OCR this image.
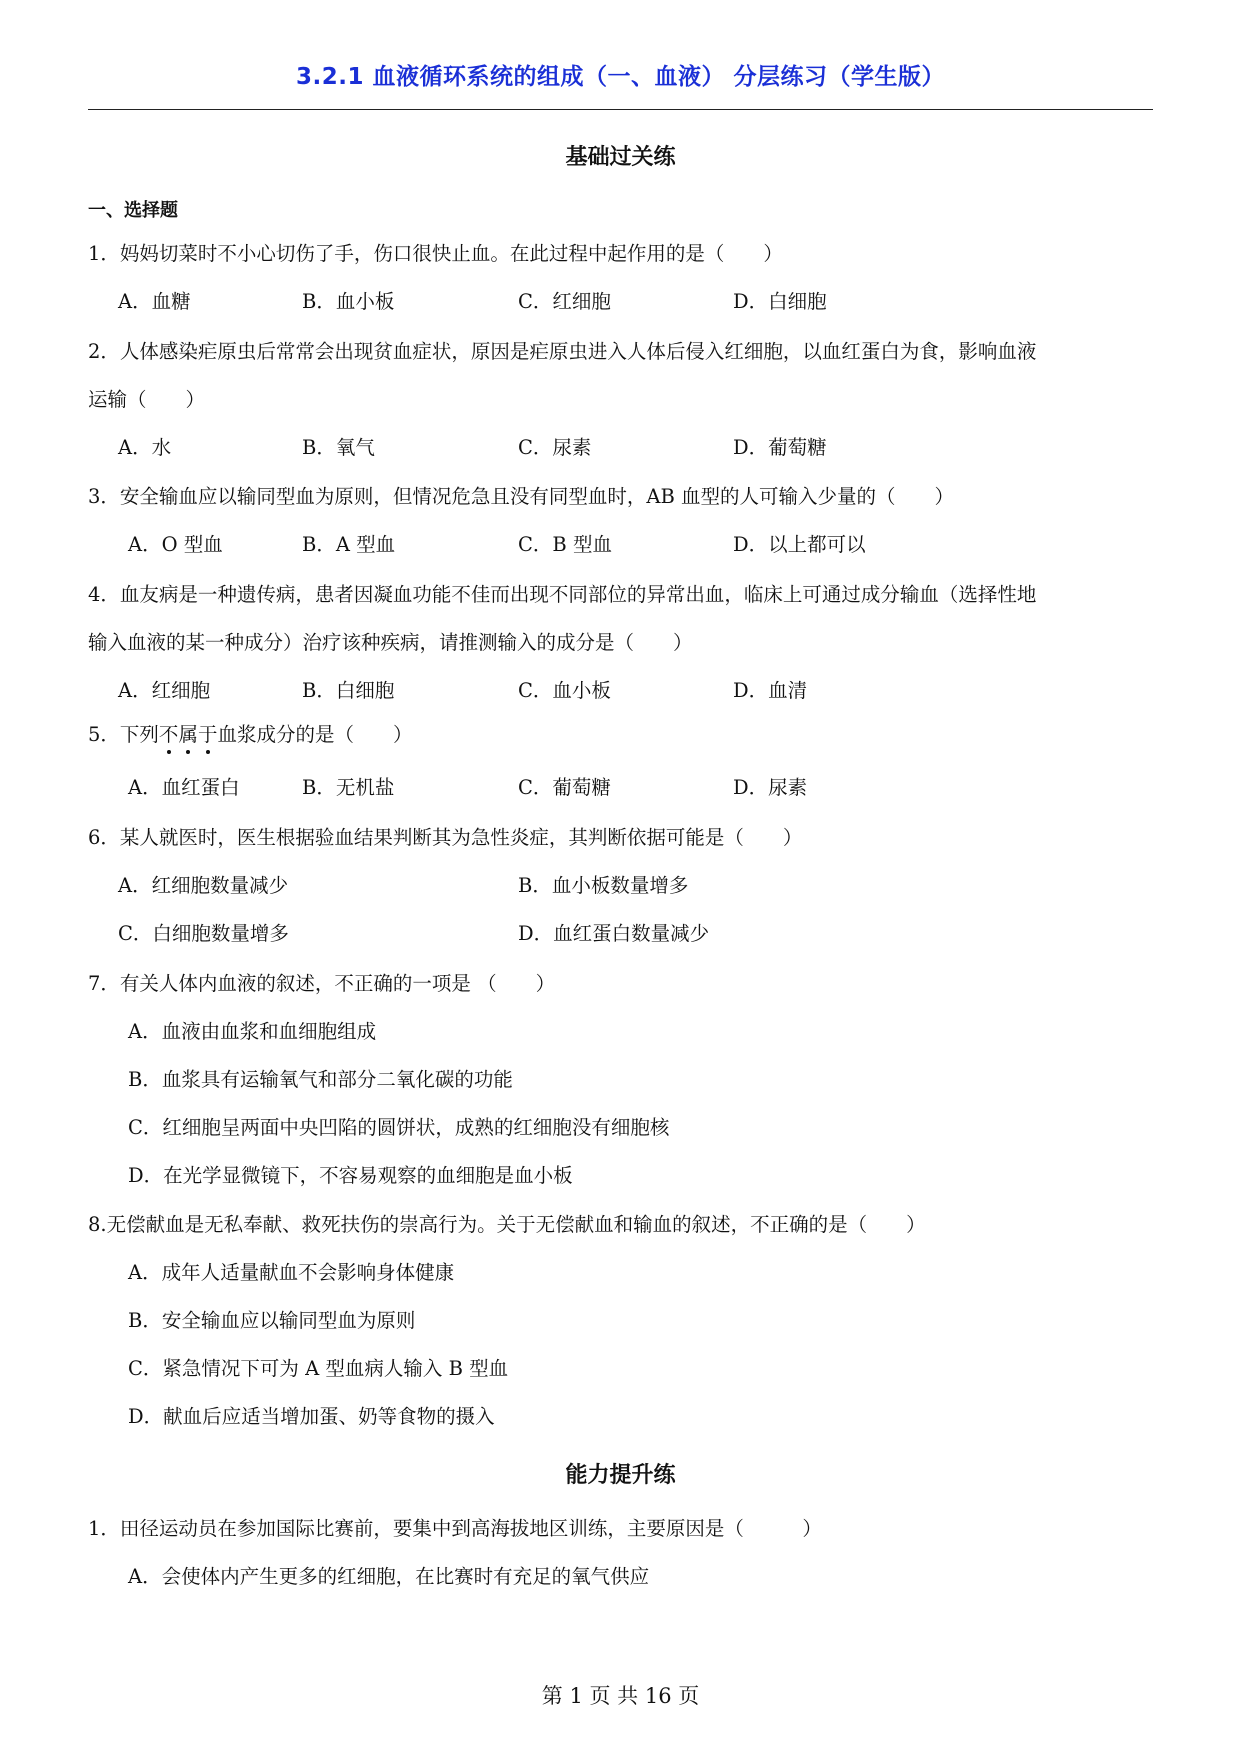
3.2.1 血液循环系统的组成（一、血液） 分层练习（学生版）
基础过关练
一、选择题
1．妈妈切菜时不小心切伤了手，伤口很快止血。在此过程中起作用的是（　　）
A．血糖	B．血小板	C．红细胞	D．白细胞
2．人体感染疟原虫后常常会出现贫血症状，原因是疟原虫进入人体后侵入红细胞，以血红蛋白为食，影响血液
运输（　　）
A．水	B．氧气	C．尿素	D．葡萄糖
3．安全输血应以输同型血为原则，但情况危急且没有同型血时，AB 血型的人可输入少量的（　　）
A．O 型血	B．A 型血	C．B 型血	D．以上都可以
4．血友病是一种遗传病，患者因凝血功能不佳而出现不同部位的异常出血，临床上可通过成分输血（选择性地
输入血液的某一种成分）治疗该种疾病，请推测输入的成分是（　　）
A．红细胞	B．白细胞	C．血小板	D．血清
5．下列不属于血浆成分的是（　　）
A．血红蛋白	B．无机盐	C．葡萄糖	D．尿素
6．某人就医时，医生根据验血结果判断其为急性炎症，其判断依据可能是（　　）
A．红细胞数量减少	B．血小板数量增多
C．白细胞数量增多	D．血红蛋白数量减少
7．有关人体内血液的叙述，不正确的一项是 （　　）
A．血液由血浆和血细胞组成
B．血浆具有运输氧气和部分二氧化碳的功能
C．红细胞呈两面中央凹陷的圆饼状，成熟的红细胞没有细胞核
D．在光学显微镜下，不容易观察的血细胞是血小板
8.无偿献血是无私奉献、救死扶伤的崇高行为。关于无偿献血和输血的叙述，不正确的是（　　）
A．成年人适量献血不会影响身体健康
B．安全输血应以输同型血为原则
C．紧急情况下可为 A 型血病人输入 B 型血
D．献血后应适当增加蛋、奶等食物的摄入
能力提升练
1．田径运动员在参加国际比赛前，要集中到高海拔地区训练，主要原因是（　　　）
A．会使体内产生更多的红细胞，在比赛时有充足的氧气供应
第 1 页 共 16 页
